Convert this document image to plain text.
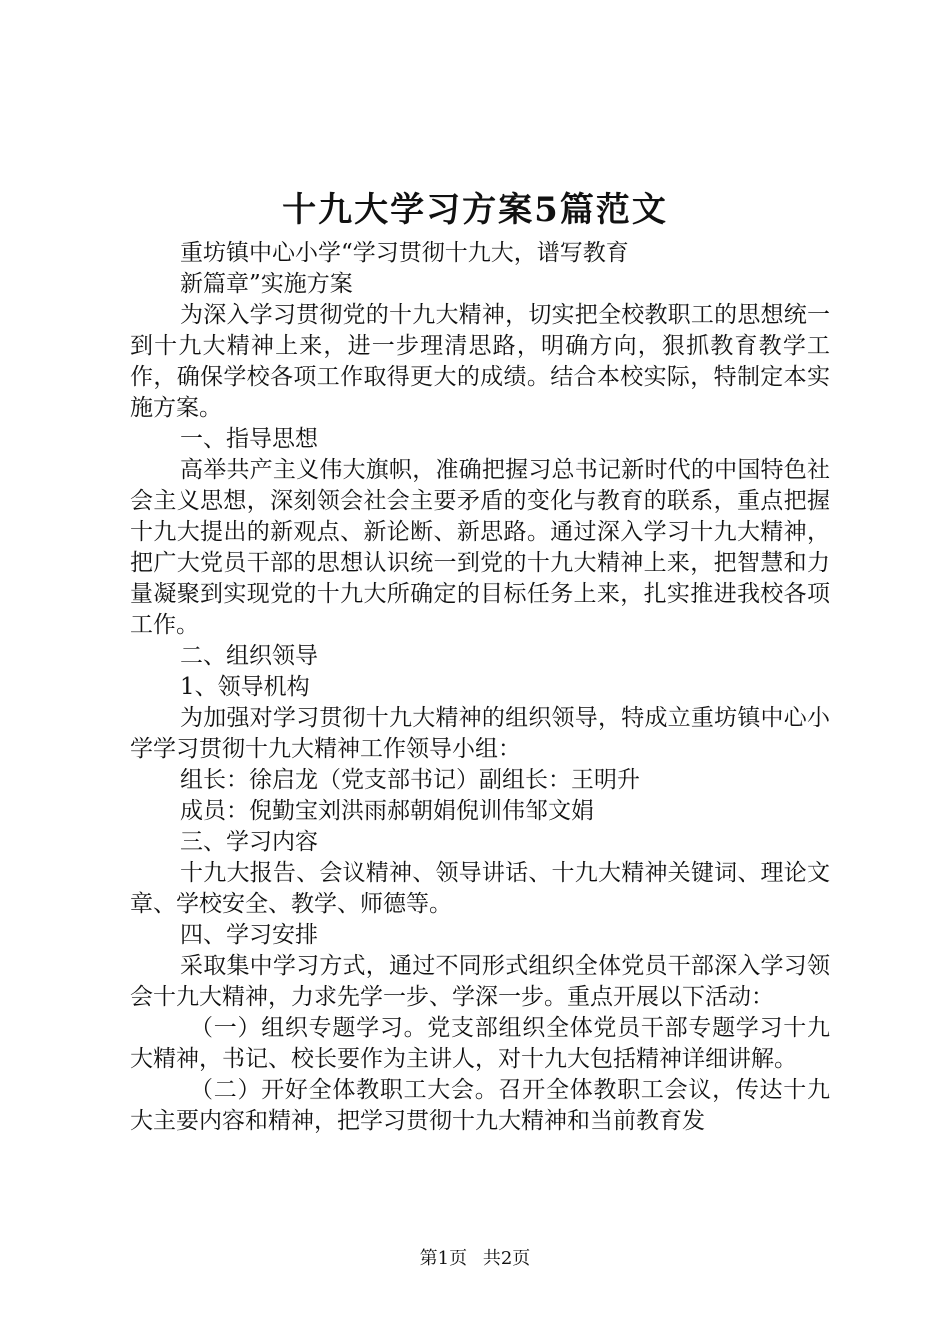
十九大学习方案5篇范文

重坊镇中心小学“学习贯彻十九大，谱写教育

新篇章”实施方案

为深入学习贯彻党的十九大精神，切实把全校教职工的思想统一到十九大精神上来，进一步理清思路，明确方向，狠抓教育教学工作，确保学校各项工作取得更大的成绩。结合本校实际，特制定本实施方案。

一、指导思想

高举共产主义伟大旗帜，准确把握习总书记新时代的中国特色社会主义思想，深刻领会社会主要矛盾的变化与教育的联系，重点把握十九大提出的新观点、新论断、新思路。通过深入学习十九大精神，把广大党员干部的思想认识统一到党的十九大精神上来，把智慧和力量凝聚到实现党的十九大所确定的目标任务上来，扎实推进我校各项工作。

二、组织领导

1、领导机构

为加强对学习贯彻十九大精神的组织领导，特成立重坊镇中心小学学习贯彻十九大精神工作领导小组：

组长：徐启龙（党支部书记）副组长：王明升

成员：倪勤宝刘洪雨郝朝娟倪训伟邹文娟

三、学习内容

十九大报告、会议精神、领导讲话、十九大精神关键词、理论文章、学校安全、教学、师德等。

四、学习安排

采取集中学习方式，通过不同形式组织全体党员干部深入学习领会十九大精神，力求先学一步、学深一步。重点开展以下活动：

（一）组织专题学习。党支部组织全体党员干部专题学习十九大精神，书记、校长要作为主讲人，对十九大包括精神详细讲解。

（二）开好全体教职工大会。召开全体教职工会议，传达十九大主要内容和精神，把学习贯彻十九大精神和当前教育发

第1页 共2页
